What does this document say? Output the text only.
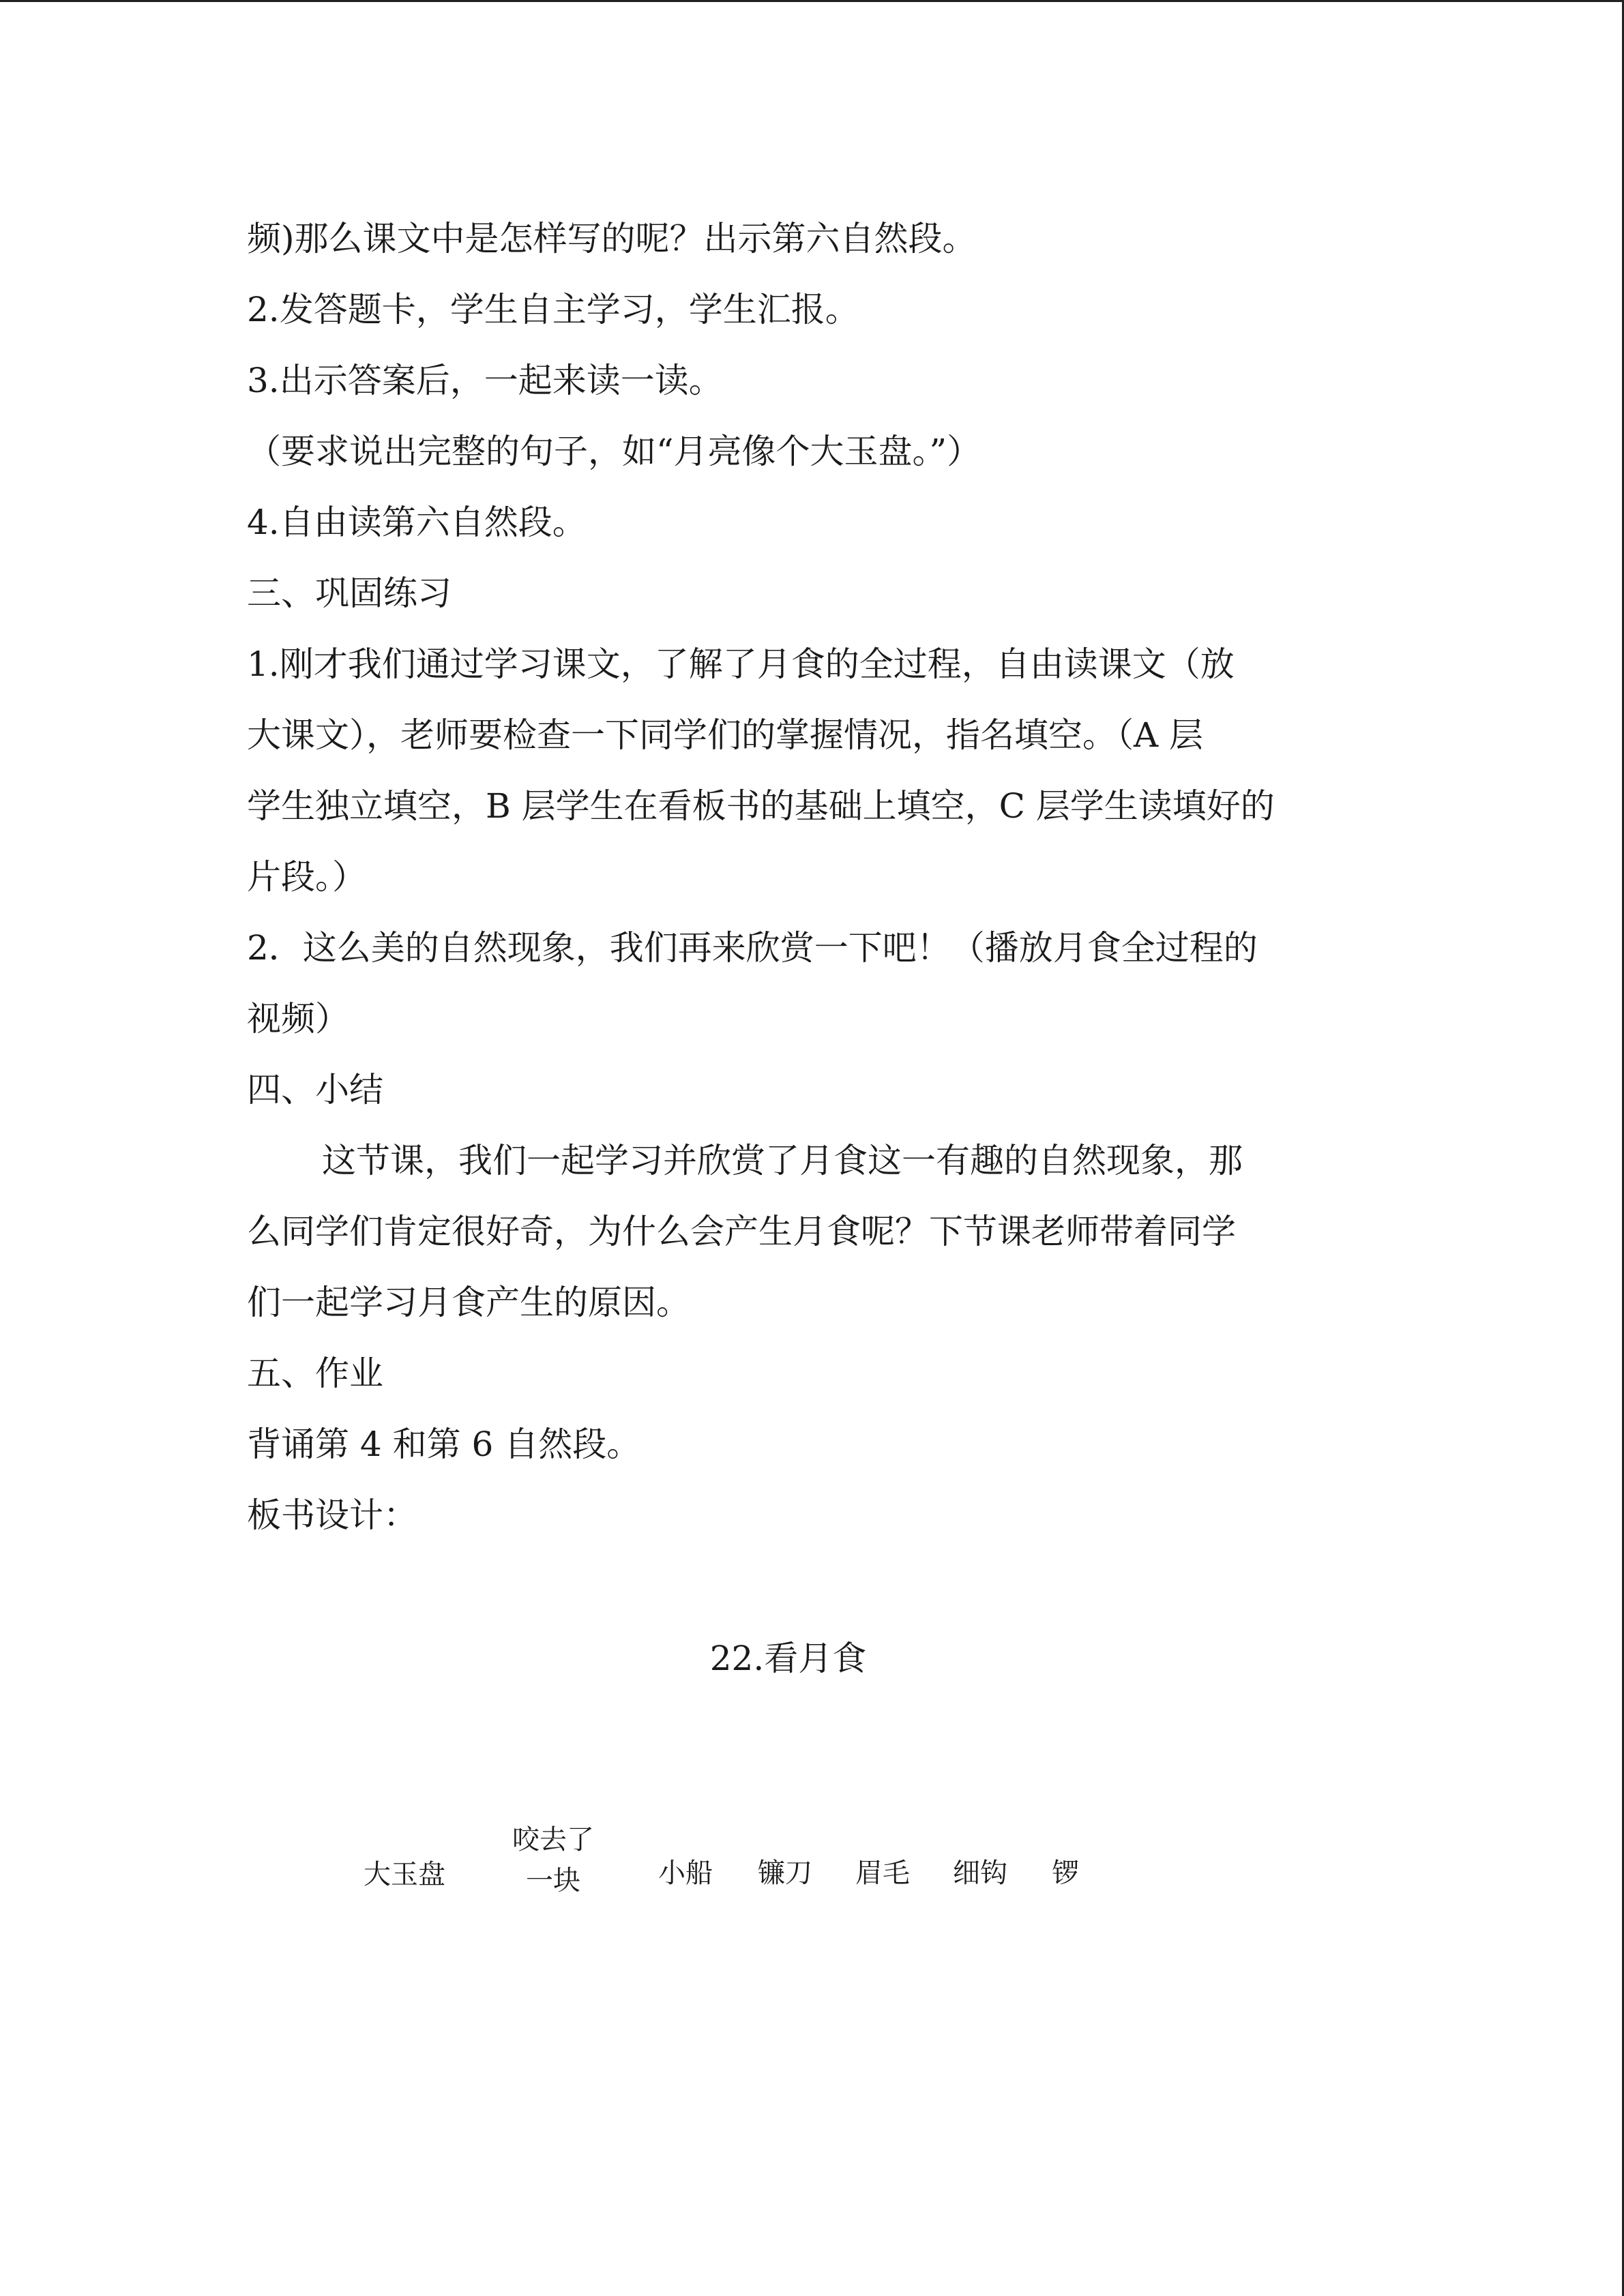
频)那么课文中是怎样写的呢？出示第六自然段。
2.发答题卡，学生自主学习，学生汇报。
3.出示答案后，一起来读一读。
（要求说出完整的句子，如“月亮像个大玉盘。”）
4.自由读第六自然段。
三、巩固练习
1.刚才我们通过学习课文，了解了月食的全过程，自由读课文（放
大课文），老师要检查一下同学们的掌握情况，指名填空。（A 层
学生独立填空，B 层学生在看板书的基础上填空，C 层学生读填好的
片段。）
2．这么美的自然现象，我们再来欣赏一下吧！（播放月食全过程的
视频）
四、小结
这节课，我们一起学习并欣赏了月食这一有趣的自然现象，那
么同学们肯定很好奇，为什么会产生月食呢？下节课老师带着同学
们一起学习月食产生的原因。
五、作业
背诵第 4 和第 6 自然段。
板书设计：
22.看月食
大玉盘
咬去了
一块	小船 镰刀 眉毛 细钩 锣
